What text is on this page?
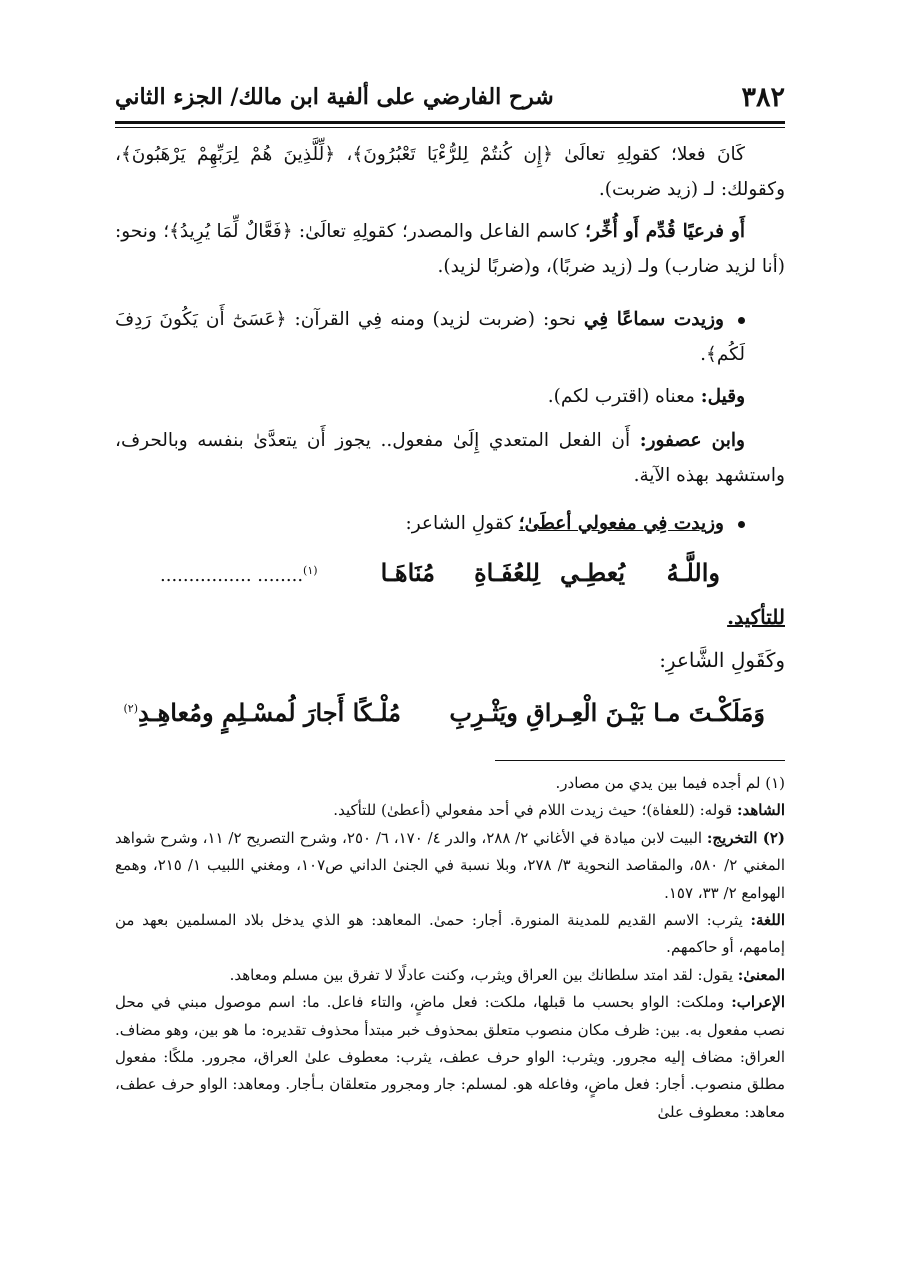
٣٨٢
شرح الفارضي على ألفية ابن مالك/ الجزء الثاني
كَانَ فعلا؛ كقولِهِ تعالَىٰ ﴿إِن كُنتُمْ لِلرُّءْيَا تَعْبُرُونَ﴾، ﴿لِّلَّذِينَ هُمْ لِرَبِّهِمْ يَرْهَبُونَ﴾، وكقولك: لـ (زيد ضربت).
أَو فرعيًا قُدِّم أَو أُخِّر؛ كاسم الفاعل والمصدر؛ كقولِهِ تعالَىٰ: ﴿فَعَّالٌ لِّمَا يُرِيدُ﴾؛ ونحو: (أنا لزيد ضارب) ولـ (زيد ضربًا)، و(ضربًا لزيد).
وزيدت سماعًا فِي نحو: (ضربت لزيد) ومنه فِي القرآن: ﴿عَسَىٰٓ أَن يَكُونَ رَدِفَ لَكُم﴾.
وقيل: معناه (اقترب لكم).
وابن عصفور: أَن الفعل المتعدي إِلَىٰ مفعول.. يجوز أَن يتعدَّىٰ بنفسه وبالحرف، واستشهد بهذه الآية.
وزيدت فِي مفعولي أعطَىٰ؛ كقولِ الشاعر:
واللَّـهُ
يُعطِـي
لِلعُفَـاةِ
مُنَاهَـا
$^{(١)}$........ ................
للتأكيد.
وكَقَولِ الشَّاعرِ:
وَمَلَكْـتَ مـا بَيْـنَ الْعِـراقِ ويَثْـرِبِ مُلْـكًا أَجارَ لُمسْـلِمٍ ومُعاهِـدِ$^{(٢)}$

(١) لم أجده فيما بين يدي من مصادر.

الشاهد: قوله: (للعفاة)؛ حيث زيدت اللام في أحد مفعولي (أعطىٰ) للتأكيد.

(٢) التخريج: البيت لابن ميادة في الأغاني ٢/ ٢٨٨، والدر ٤/ ١٧٠، ٦/ ٢٥٠، وشرح التصريح ٢/ ١١، وشرح شواهد المغني ٢/ ٥٨٠، والمقاصد النحوية ٣/ ٢٧٨، وبلا نسبة في الجنىٰ الداني ص١٠٧، ومغني اللبيب ١/ ٢١٥، وهمع الهوامع ٢/ ٣٣، ١٥٧.

اللغة: يثرب: الاسم القديم للمدينة المنورة. أجار: حمىٰ. المعاهد: هو الذي يدخل بلاد المسلمين بعهد من إمامهم، أو حاكمهم.

المعنىٰ: يقول: لقد امتد سلطانك بين العراق ويثرب، وكنت عادلًا لا تفرق بين مسلم ومعاهد.

الإعراب: وملكت: الواو بحسب ما قبلها، ملكت: فعل ماضٍ، والتاء فاعل. ما: اسم موصول مبني في محل نصب مفعول به. بين: ظرف مكان منصوب متعلق بمحذوف خبر مبتدأ محذوف تقديره: ما هو بين، وهو مضاف. العراق: مضاف إليه مجرور. ويثرب: الواو حرف عطف، يثرب: معطوف علىٰ العراق، مجرور. ملكًا: مفعول مطلق منصوب. أجار: فعل ماضٍ، وفاعله هو. لمسلم: جار ومجرور متعلقان بـأجار. ومعاهد: الواو حرف عطف، معاهد: معطوف علىٰ
